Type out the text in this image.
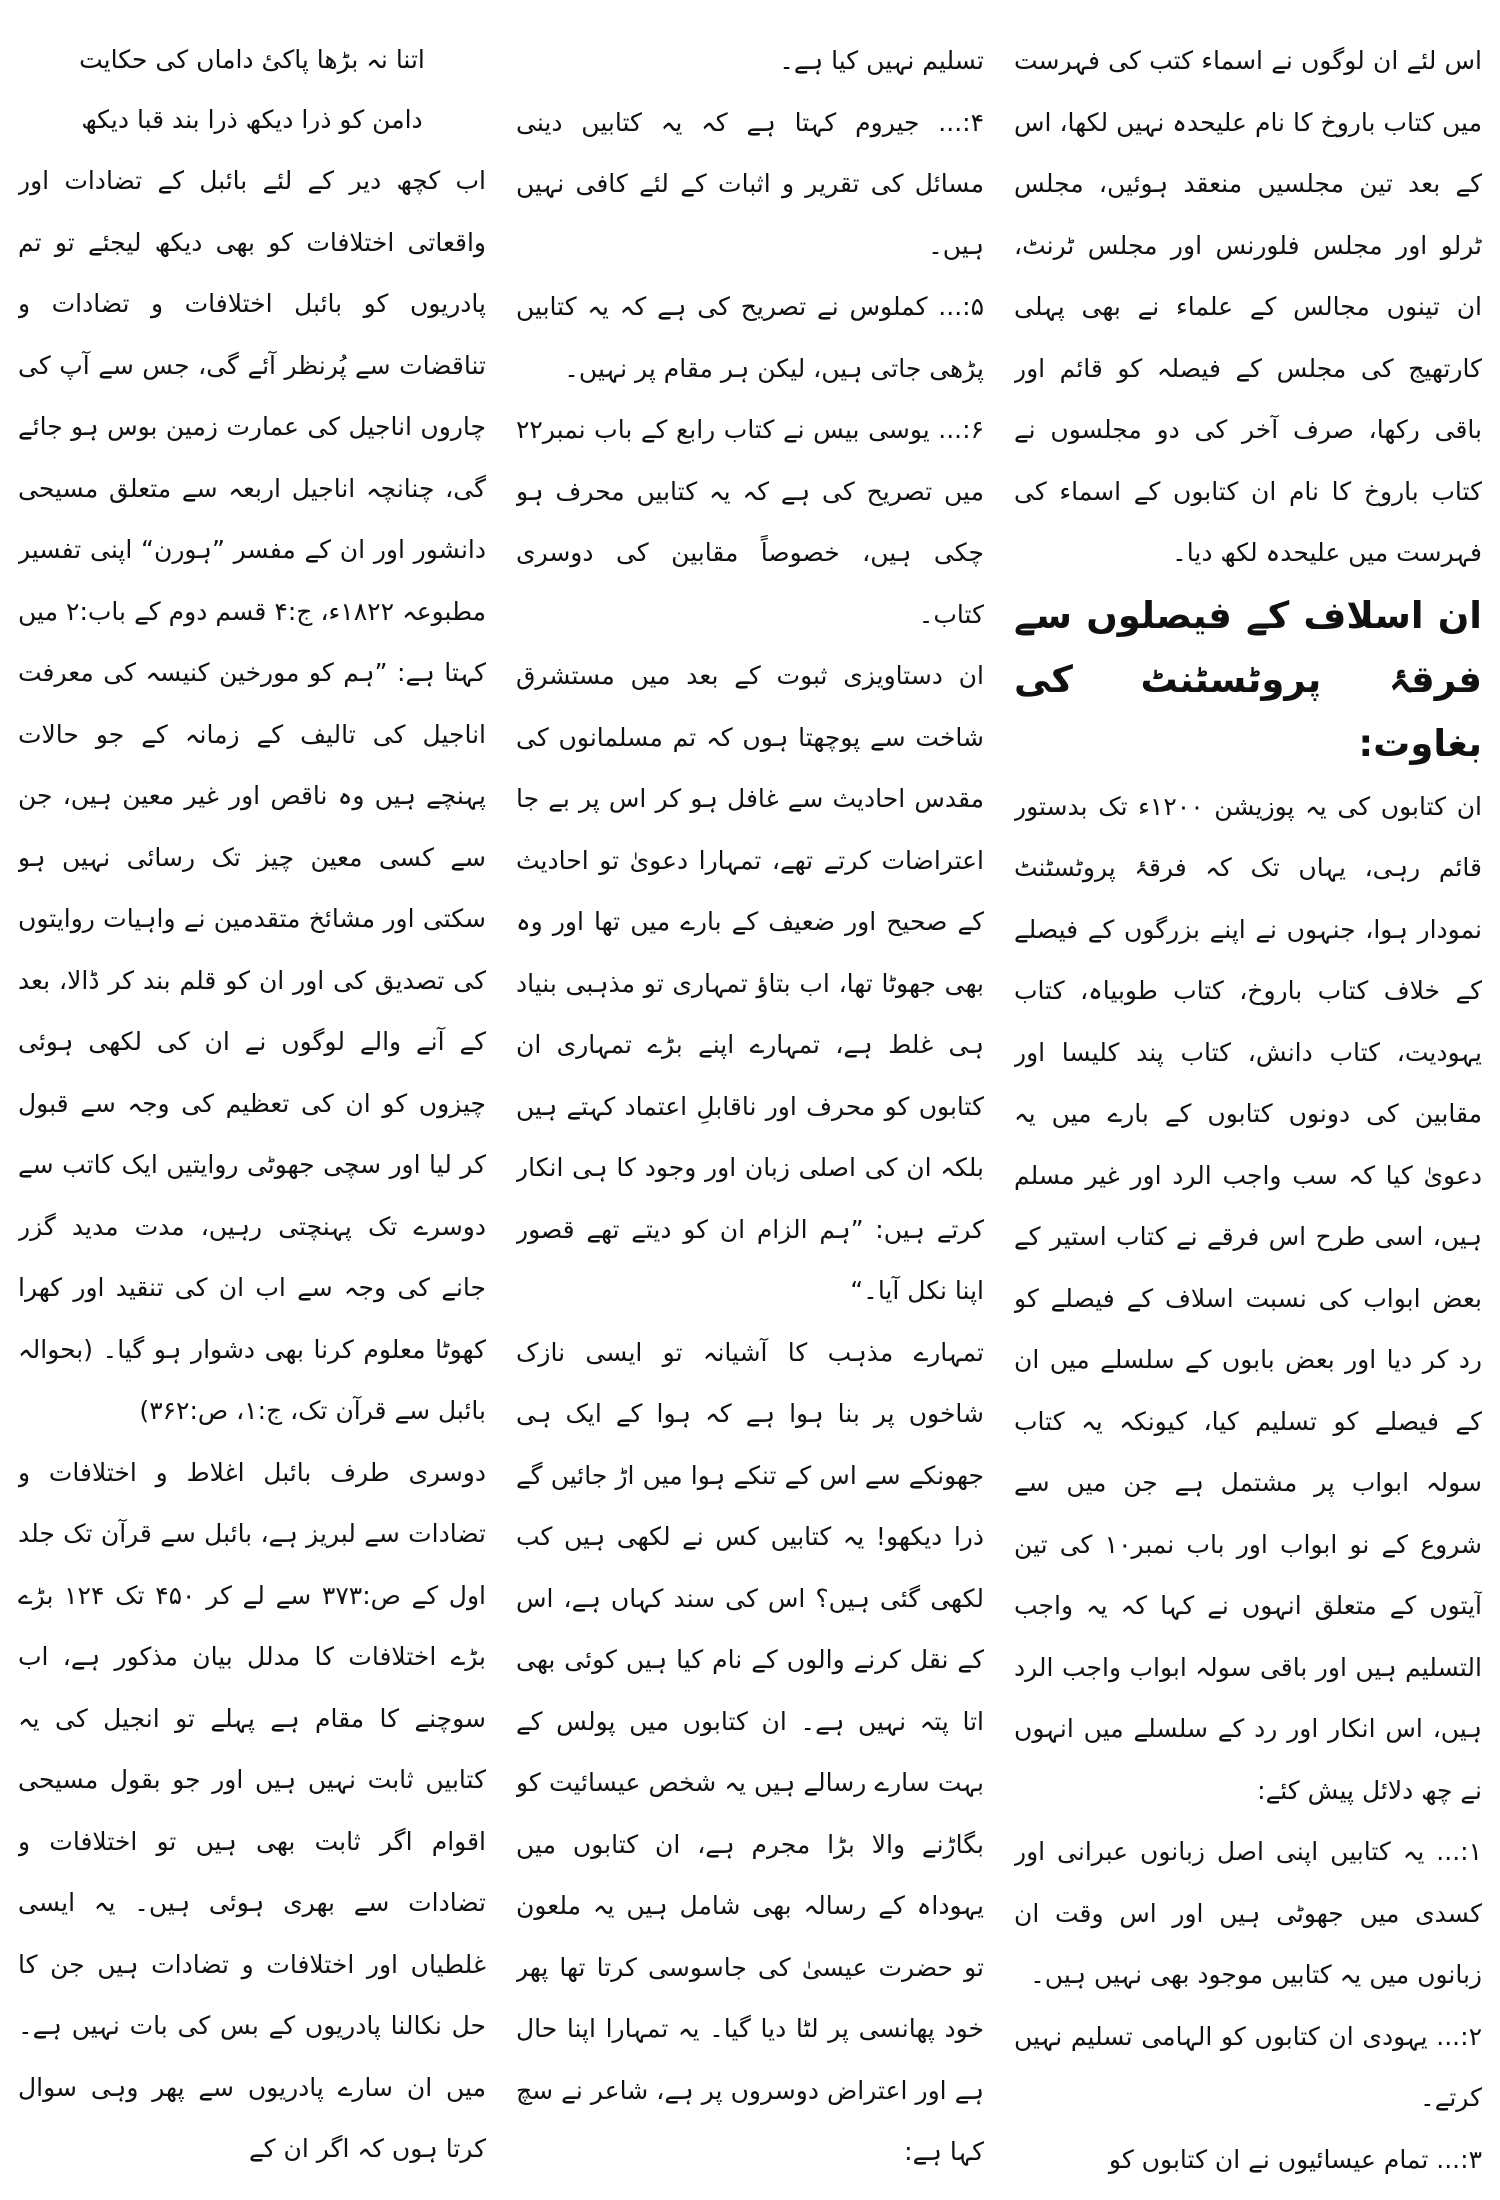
اس لئے ان لوگوں نے اسماء کتب کی فہرست میں کتاب باروخ کا نام علیحدہ نہیں لکھا، اس کے بعد تین مجلسیں منعقد ہوئیں، مجلس ٹرلو اور مجلس فلورنس اور مجلس ٹرنٹ، ان تینوں مجالس کے علماء نے بھی پہلی کارتھیج کی مجلس کے فیصلہ کو قائم اور باقی رکھا، صرف آخر کی دو مجلسوں نے کتاب باروخ کا نام ان کتابوں کے اسماء کی فہرست میں علیحدہ لکھ دیا۔

ان اسلاف کے فیصلوں سے فرقۂ پروٹسٹنٹ کی بغاوت:

ان کتابوں کی یہ پوزیشن ۱۲۰۰ء تک بدستور قائم رہی، یہاں تک کہ فرقۂ پروٹسٹنٹ نمودار ہوا، جنہوں نے اپنے بزرگوں کے فیصلے کے خلاف کتاب باروخ، کتاب طوبیاہ، کتاب یہودیت، کتاب دانش، کتاب پند کلیسا اور مقابین کی دونوں کتابوں کے بارے میں یہ دعویٰ کیا کہ سب واجب الرد اور غیر مسلم ہیں، اسی طرح اس فرقے نے کتاب استیر کے بعض ابواب کی نسبت اسلاف کے فیصلے کو رد کر دیا اور بعض بابوں کے سلسلے میں ان کے فیصلے کو تسلیم کیا، کیونکہ یہ کتاب سولہ ابواب پر مشتمل ہے جن میں سے شروع کے نو ابواب اور باب نمبر۱۰ کی تین آیتوں کے متعلق انہوں نے کہا کہ یہ واجب التسلیم ہیں اور باقی سولہ ابواب واجب الرد ہیں، اس انکار اور رد کے سلسلے میں انہوں نے چھ دلائل پیش کئے:

۱:... یہ کتابیں اپنی اصل زبانوں عبرانی اور کسدی میں جھوٹی ہیں اور اس وقت ان زبانوں میں یہ کتابیں موجود بھی نہیں ہیں۔

۲:... یہودی ان کتابوں کو الہامی تسلیم نہیں کرتے۔

۳:... تمام عیسائیوں نے ان کتابوں کو

تسلیم نہیں کیا ہے۔

۴:... جیروم کہتا ہے کہ یہ کتابیں دینی مسائل کی تقریر و اثبات کے لئے کافی نہیں ہیں۔

۵:... کملوس نے تصریح کی ہے کہ یہ کتابیں پڑھی جاتی ہیں، لیکن ہر مقام پر نہیں۔

۶:... یوسی بیس نے کتاب رابع کے باب نمبر۲۲ میں تصریح کی ہے کہ یہ کتابیں محرف ہو چکی ہیں، خصوصاً مقابین کی دوسری کتاب۔

ان دستاویزی ثبوت کے بعد میں مستشرق شاخت سے پوچھتا ہوں کہ تم مسلمانوں کی مقدس احادیث سے غافل ہو کر اس پر بے جا اعتراضات کرتے تھے، تمہارا دعویٰ تو احادیث کے صحیح اور ضعیف کے بارے میں تھا اور وہ بھی جھوٹا تھا، اب بتاؤ تمہاری تو مذہبی بنیاد ہی غلط ہے، تمہارے اپنے بڑے تمہاری ان کتابوں کو محرف اور ناقابلِ اعتماد کہتے ہیں بلکہ ان کی اصلی زبان اور وجود کا ہی انکار کرتے ہیں: ”ہم الزام ان کو دیتے تھے قصور اپنا نکل آیا۔“

تمہارے مذہب کا آشیانہ تو ایسی نازک شاخوں پر بنا ہوا ہے کہ ہوا کے ایک ہی جھونکے سے اس کے تنکے ہوا میں اڑ جائیں گے ذرا دیکھو! یہ کتابیں کس نے لکھی ہیں کب لکھی گئی ہیں؟ اس کی سند کہاں ہے، اس کے نقل کرنے والوں کے نام کیا ہیں کوئی بھی اتا پتہ نہیں ہے۔ ان کتابوں میں پولس کے بہت سارے رسالے ہیں یہ شخص عیسائیت کو بگاڑنے والا بڑا مجرم ہے، ان کتابوں میں یہوداہ کے رسالہ بھی شامل ہیں یہ ملعون تو حضرت عیسیٰ کی جاسوسی کرتا تھا پھر خود پھانسی پر لٹا دیا گیا۔ یہ تمہارا اپنا حال ہے اور اعتراض دوسروں پر ہے، شاعر نے سچ کہا ہے:

اتنا نہ بڑھا پاکیٔ داماں کی حکایت

دامن کو ذرا دیکھ ذرا بند قبا دیکھ

اب کچھ دیر کے لئے بائبل کے تضادات اور واقعاتی اختلافات کو بھی دیکھ لیجئے تو تم پادریوں کو بائبل اختلافات و تضادات و تناقضات سے پُرنظر آئے گی، جس سے آپ کی چاروں اناجیل کی عمارت زمین بوس ہو جائے گی، چنانچہ اناجیل اربعہ سے متعلق مسیحی دانشور اور ان کے مفسر ”ہورن“ اپنی تفسیر مطبوعہ ۱۸۲۲ء، ج:۴ قسم دوم کے باب:۲ میں کہتا ہے: ”ہم کو مورخین کنیسہ کی معرفت اناجیل کی تالیف کے زمانہ کے جو حالات پہنچے ہیں وہ ناقص اور غیر معین ہیں، جن سے کسی معین چیز تک رسائی نہیں ہو سکتی اور مشائخ متقدمین نے واہیات روایتوں کی تصدیق کی اور ان کو قلم بند کر ڈالا، بعد کے آنے والے لوگوں نے ان کی لکھی ہوئی چیزوں کو ان کی تعظیم کی وجہ سے قبول کر لیا اور سچی جھوٹی روایتیں ایک کاتب سے دوسرے تک پہنچتی رہیں، مدت مدید گزر جانے کی وجہ سے اب ان کی تنقید اور کھرا کھوٹا معلوم کرنا بھی دشوار ہو گیا۔ (بحوالہ بائبل سے قرآن تک، ج:۱، ص:۳۶۲)

دوسری طرف بائبل اغلاط و اختلافات و تضادات سے لبریز ہے، بائبل سے قرآن تک جلد اول کے ص:۳۷۳ سے لے کر ۴۵۰ تک ۱۲۴ بڑے بڑے اختلافات کا مدلل بیان مذکور ہے، اب سوچنے کا مقام ہے پہلے تو انجیل کی یہ کتابیں ثابت نہیں ہیں اور جو بقول مسیحی اقوام اگر ثابت بھی ہیں تو اختلافات و تضادات سے بھری ہوئی ہیں۔ یہ ایسی غلطیاں اور اختلافات و تضادات ہیں جن کا حل نکالنا پادریوں کے بس کی بات نہیں ہے۔ میں ان سارے پادریوں سے پھر وہی سوال کرتا ہوں کہ اگر ان کے
